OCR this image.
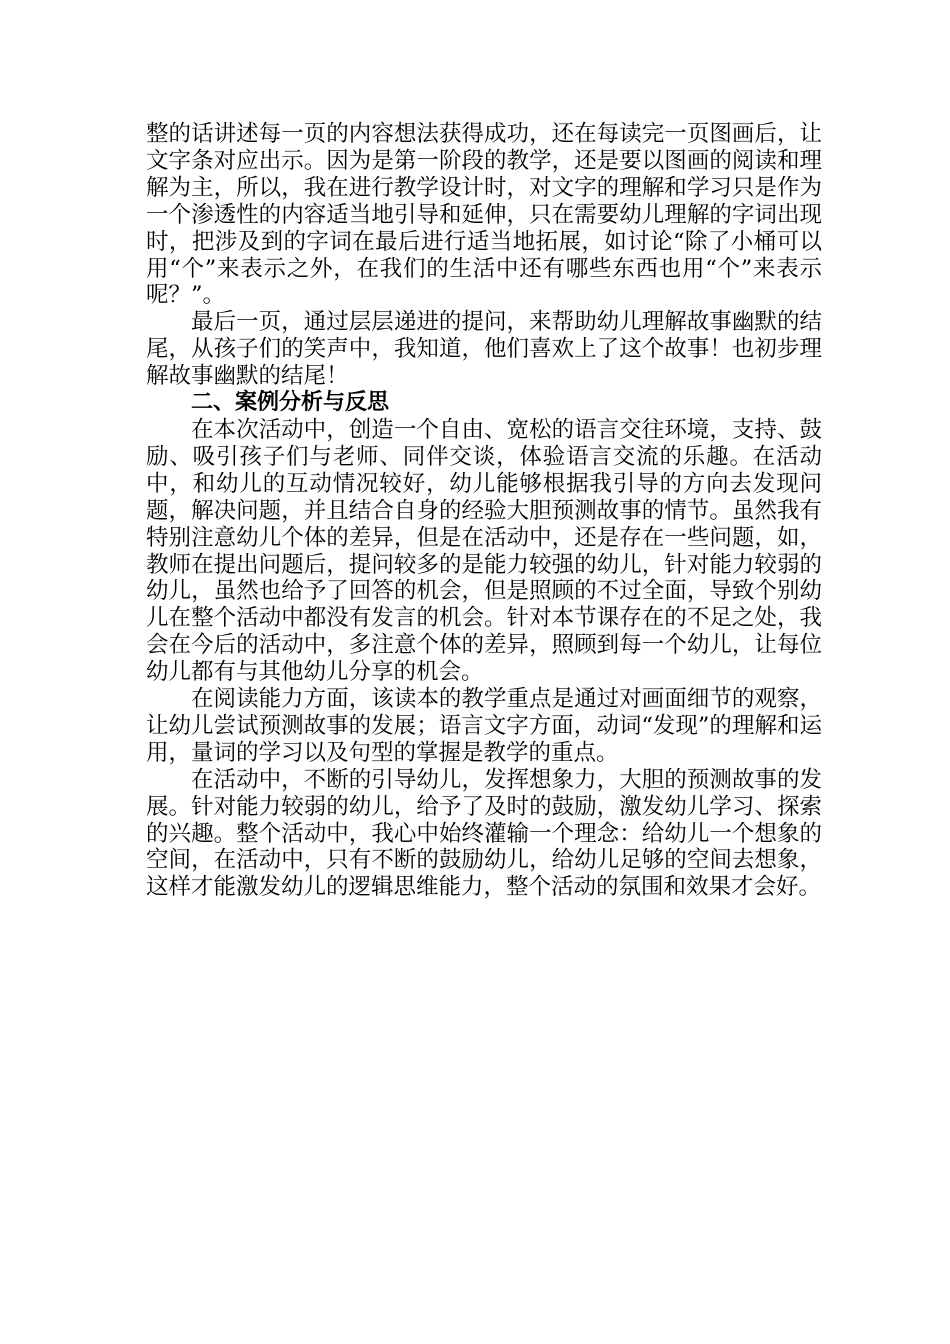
整的话讲述每一页的内容想法获得成功，还在每读完一页图画后，让文字条对应出示。因为是第一阶段的教学，还是要以图画的阅读和理解为主，所以，我在进行教学设计时，对文字的理解和学习只是作为一个渗透性的内容适当地引导和延伸，只在需要幼儿理解的字词出现时，把涉及到的字词在最后进行适当地拓展，如讨论“除了小桶可以用“个”来表示之外，在我们的生活中还有哪些东西也用“个”来表示呢？”。

最后一页，通过层层递进的提问，来帮助幼儿理解故事幽默的结尾，从孩子们的笑声中，我知道，他们喜欢上了这个故事！也初步理解故事幽默的结尾！

二、案例分析与反思

在本次活动中，创造一个自由、宽松的语言交往环境，支持、鼓励、吸引孩子们与老师、同伴交谈，体验语言交流的乐趣。在活动中，和幼儿的互动情况较好，幼儿能够根据我引导的方向去发现问题，解决问题，并且结合自身的经验大胆预测故事的情节。虽然我有特别注意幼儿个体的差异，但是在活动中，还是存在一些问题，如，教师在提出问题后，提问较多的是能力较强的幼儿，针对能力较弱的幼儿，虽然也给予了回答的机会，但是照顾的不过全面，导致个别幼儿在整个活动中都没有发言的机会。针对本节课存在的不足之处，我会在今后的活动中，多注意个体的差异，照顾到每一个幼儿，让每位幼儿都有与其他幼儿分享的机会。

在阅读能力方面，该读本的教学重点是通过对画面细节的观察，让幼儿尝试预测故事的发展；语言文字方面，动词“发现”的理解和运用，量词的学习以及句型的掌握是教学的重点。

在活动中，不断的引导幼儿，发挥想象力，大胆的预测故事的发展。针对能力较弱的幼儿，给予了及时的鼓励，激发幼儿学习、探索的兴趣。整个活动中，我心中始终灌输一个理念：给幼儿一个想象的空间，在活动中，只有不断的鼓励幼儿，给幼儿足够的空间去想象，这样才能激发幼儿的逻辑思维能力，整个活动的氛围和效果才会好。
